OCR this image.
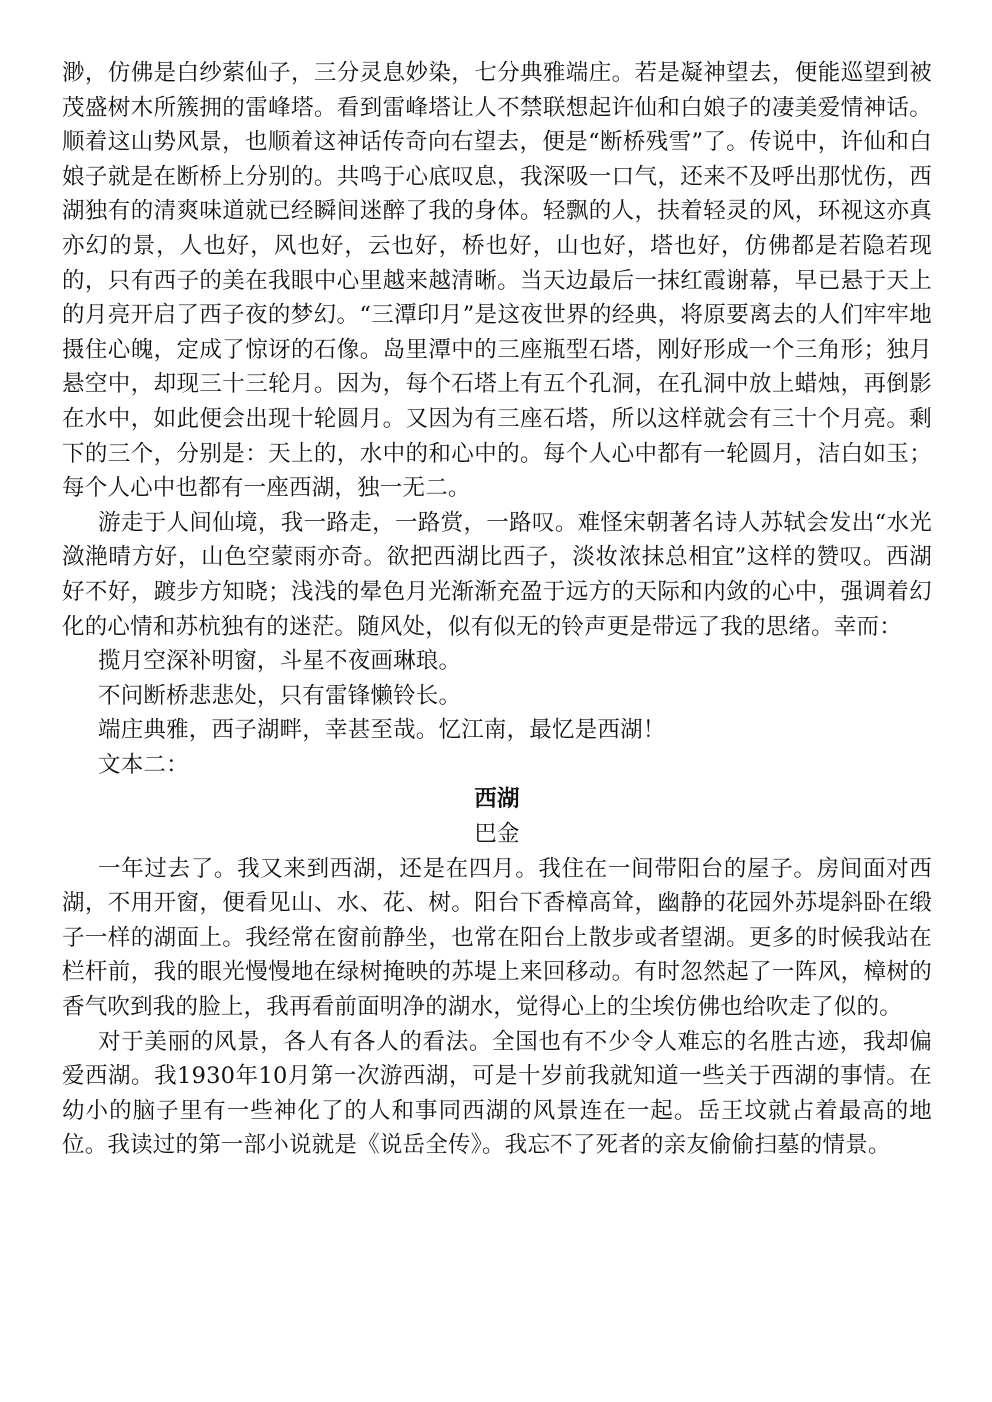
渺，仿佛是白纱萦仙子，三分灵息妙染，七分典雅端庄。若是凝神望去，便能巡望到被茂盛树木所簇拥的雷峰塔。看到雷峰塔让人不禁联想起许仙和白娘子的凄美爱情神话。顺着这山势风景，也顺着这神话传奇向右望去，便是“断桥残雪”了。传说中，许仙和白娘子就是在断桥上分别的。共鸣于心底叹息，我深吸一口气，还来不及呼出那忧伤，西湖独有的清爽味道就已经瞬间迷醉了我的身体。轻飘的人，扶着轻灵的风，环视这亦真亦幻的景，人也好，风也好，云也好，桥也好，山也好，塔也好，仿佛都是若隐若现的，只有西子的美在我眼中心里越来越清晰。当天边最后一抹红霞谢幕，早已悬于天上的月亮开启了西子夜的梦幻。“三潭印月”是这夜世界的经典，将原要离去的人们牢牢地摄住心魄，定成了惊讶的石像。岛里潭中的三座瓶型石塔，刚好形成一个三角形；独月悬空中，却现三十三轮月。因为，每个石塔上有五个孔洞，在孔洞中放上蜡烛，再倒影在水中，如此便会出现十轮圆月。又因为有三座石塔，所以这样就会有三十个月亮。剩下的三个，分别是：天上的，水中的和心中的。每个人心中都有一轮圆月，洁白如玉；每个人心中也都有一座西湖，独一无二。

游走于人间仙境，我一路走，一路赏，一路叹。难怪宋朝著名诗人苏轼会发出“水光潋滟晴方好，山色空蒙雨亦奇。欲把西湖比西子，淡妆浓抹总相宜”这样的赞叹。西湖好不好，踱步方知晓；浅浅的晕色月光渐渐充盈于远方的天际和内敛的心中，强调着幻化的心情和苏杭独有的迷茫。随风处，似有似无的铃声更是带远了我的思绪。幸而：

揽月空深补明窗，斗星不夜画琳琅。

不问断桥悲悲处，只有雷锋懒铃长。

端庄典雅，西子湖畔，幸甚至哉。忆江南，最忆是西湖！

文本二：

西湖

巴金

一年过去了。我又来到西湖，还是在四月。我住在一间带阳台的屋子。房间面对西湖，不用开窗，便看见山、水、花、树。阳台下香樟高耸，幽静的花园外苏堤斜卧在缎子一样的湖面上。我经常在窗前静坐，也常在阳台上散步或者望湖。更多的时候我站在栏杆前，我的眼光慢慢地在绿树掩映的苏堤上来回移动。有时忽然起了一阵风，樟树的香气吹到我的脸上，我再看前面明净的湖水，觉得心上的尘埃仿佛也给吹走了似的。

对于美丽的风景，各人有各人的看法。全国也有不少令人难忘的名胜古迹，我却偏爱西湖。我1930年10月第一次游西湖，可是十岁前我就知道一些关于西湖的事情。在幼小的脑子里有一些神化了的人和事同西湖的风景连在一起。岳王坟就占着最高的地位。我读过的第一部小说就是《说岳全传》。我忘不了死者的亲友偷偷扫墓的情景。
